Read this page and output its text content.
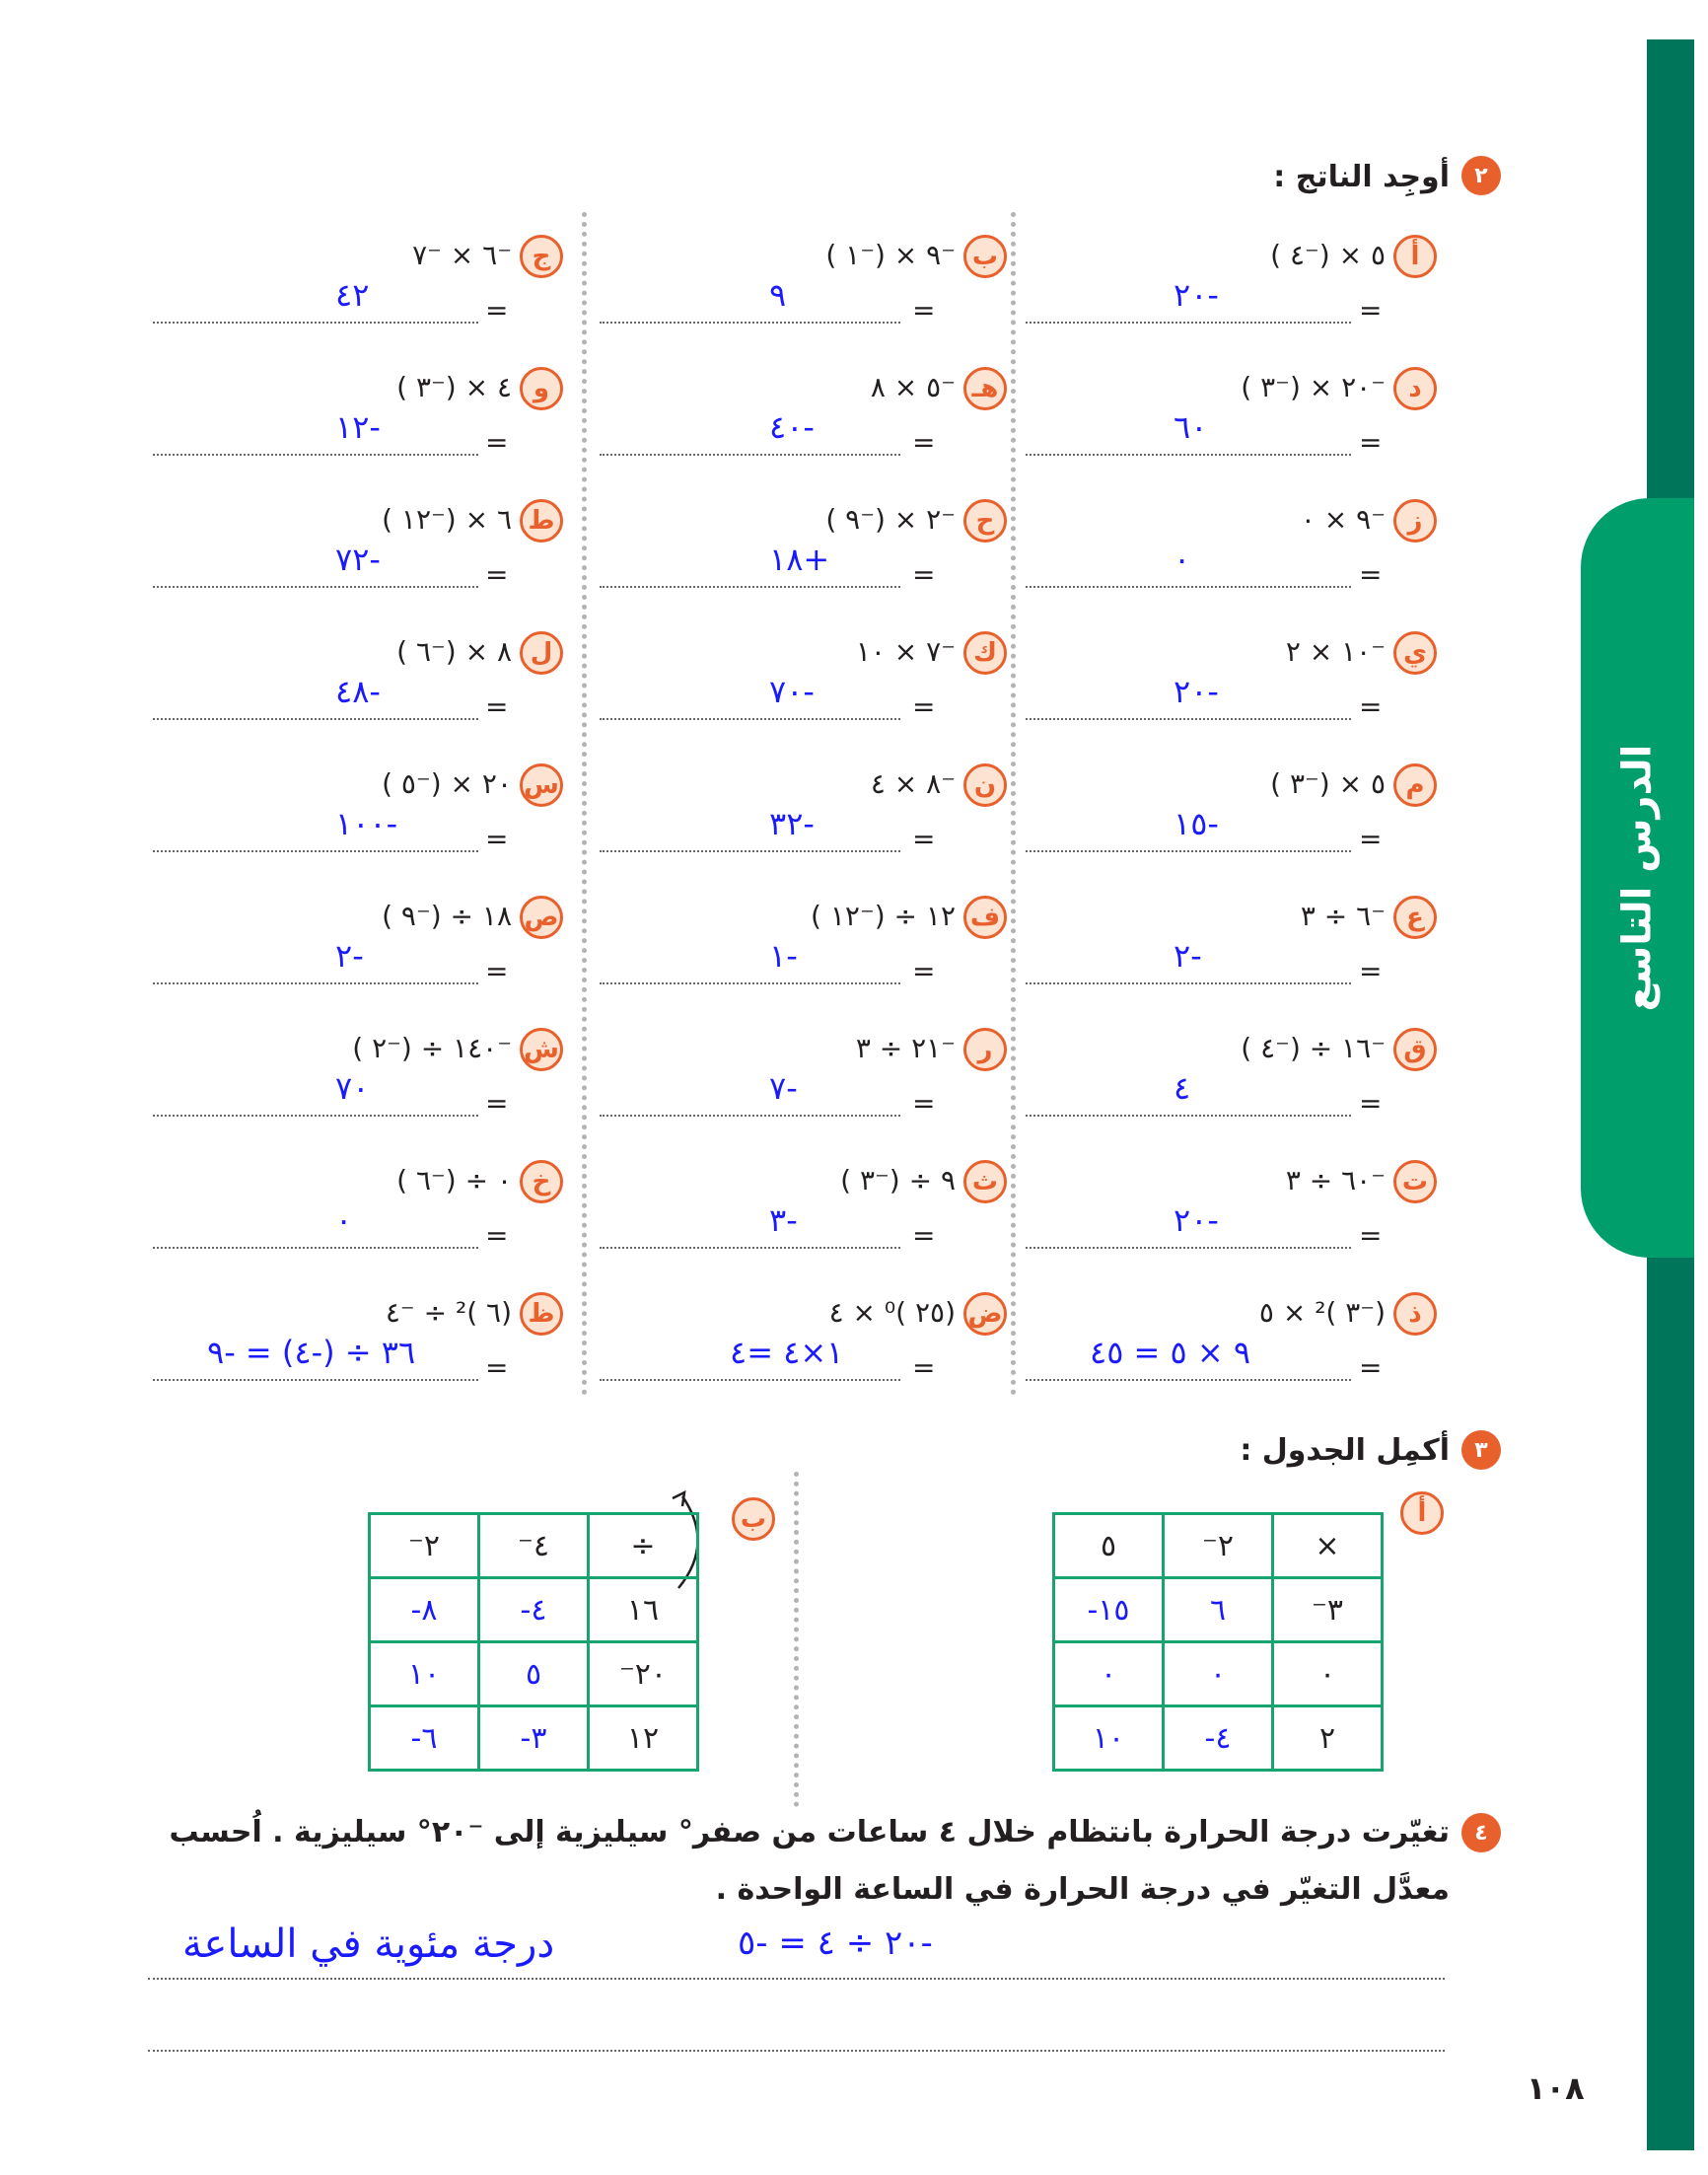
الدرس التاسع
٢
أوجِد الناتج :
أ
٥ × (⁻٤ )
=
-٢٠
ب
⁻٩ × (⁻١ )
=
٩
ج
⁻٦ × ⁻٧
=
٤٢
د
⁻٢٠ × (⁻٣ )
=
٦٠
هـ
⁻٥ × ٨
=
-٤٠
و
٤ × (⁻٣ )
=
-١٢
ز
⁻٩ × ٠
=
٠
ح
⁻٢ × (⁻٩ )
=
+١٨
ط
٦ × (⁻١٢ )
=
-٧٢
ي
⁻١٠ × ٢
=
-٢٠
ك
⁻٧ × ١٠
=
-٧٠
ل
٨ × (⁻٦ )
=
-٤٨
م
٥ × (⁻٣ )
=
-١٥
ن
⁻٨ × ٤
=
-٣٢
س
٢٠ × (⁻٥ )
=
-١٠٠
ع
⁻٦ ÷ ٣
=
-٢
ف
١٢ ÷ (⁻١٢ )
=
-١
ص
١٨ ÷ (⁻٩ )
=
-٢
ق
⁻١٦ ÷ (⁻٤ )
=
٤
ر
⁻٢١ ÷ ٣
=
-٧
ش
⁻١٤٠ ÷ (⁻٢ )
=
٧٠
ت
⁻٦٠ ÷ ٣
=
-٢٠
ث
٩ ÷ (⁻٣ )
=
-٣
خ
٠ ÷ (⁻٦ )
=
٠
ذ
(⁻٣ )² × ٥
=
٩ × ٥ = ٤٥
ض
(٢٥ )⁰ × ٤
=
١×٤ =٤
ظ
(٦ )² ÷ ⁻٤
=
٣٦ ÷ (-٤) = -٩
٣
أكمِل الجدول :
أ
٥	⁻٢	×
-١٥	٦	⁻٣
٠	٠	٠
١٠	-٤	٢
ب
⁻٢	⁻٤	÷
-٨	-٤	١٦
١٠	٥	⁻٢٠
-٦	-٣	١٢
٤
تغيّرت درجة الحرارة بانتظام خلال ٤ ساعات من صفر° سيليزية إلى ⁻٢٠° سيليزية . اُحسب
معدَّل التغيّر في درجة الحرارة في الساعة الواحدة .
-٢٠ ÷ ٤ = -٥
درجة مئوية في الساعة
١٠٨
